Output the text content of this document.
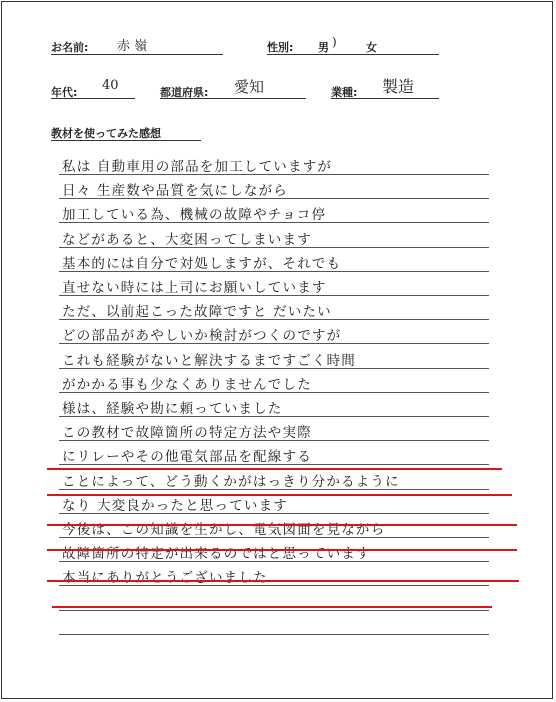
お名前: 赤 嶺	性別: 男 )	女
年代: 40	都道府県: 愛知	業種: 製造
教材を使ってみた感想
私は 自動車用の部品を加工していますが
日々 生産数や品質を気にしながら
加工している為、機械の故障やチョコ停
などがあると、大変困ってしまいます
基本的には自分で対処しますが、それでも
直せない時には上司にお願いしています
ただ、以前起こった故障ですと だいたい
どの部品があやしいか検討がつくのですが
これも経験がないと解決するまですごく時間
がかかる事も少なくありませんでした
様は、経験や勘に頼っていました
この教材で故障箇所の特定方法や実際
にリレーやその他電気部品を配線する
ことによって、どう動くかがはっきり分かるように
なり 大変良かったと思っています
今後は、この知識を生かし、電気図面を見ながら
故障箇所の特定が出来るのではと思っています
本当にありがとうございました
